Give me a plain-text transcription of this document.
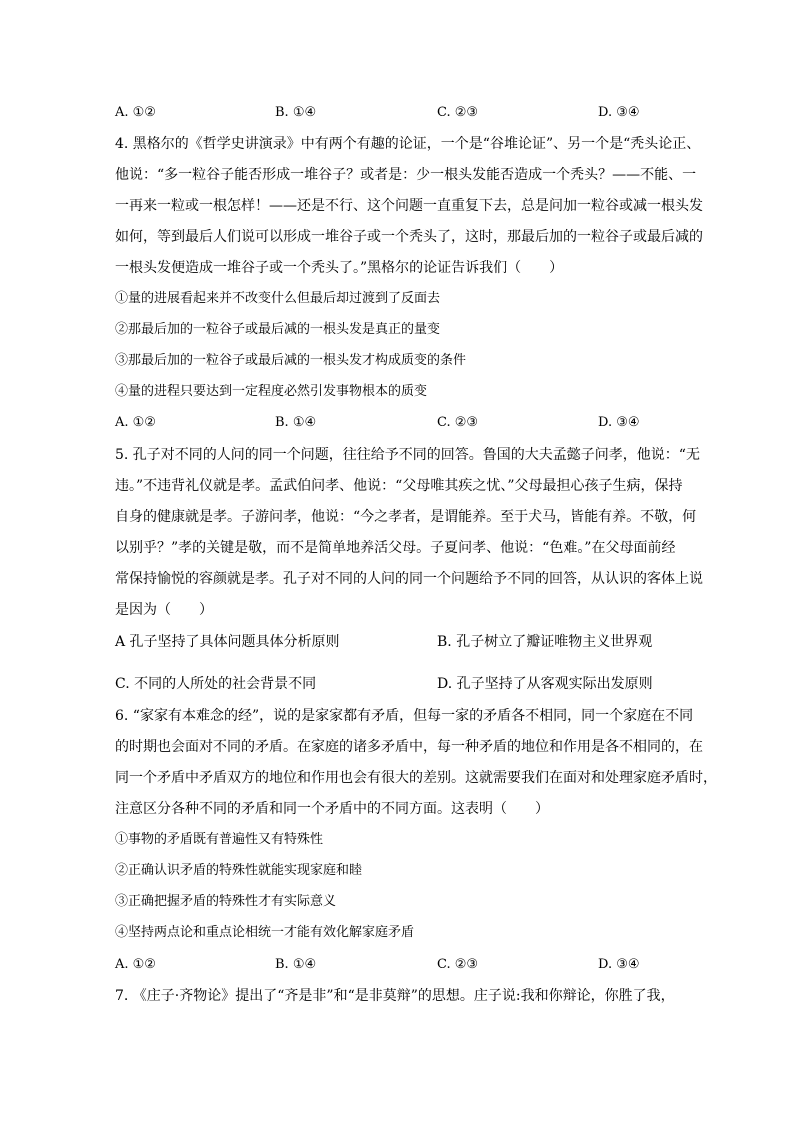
A. ①②	B. ①④	C. ②③	D. ③④
4. 黑格尔的《哲学史讲演录》中有两个有趣的论证，一个是“谷堆论证”、另一个是“秃头论正、
他说：“多一粒谷子能否形成一堆谷子？或者是：少一根头发能否造成一个秃头？——不能、一
一再来一粒或一根怎样！——还是不行、这个问题一直重复下去，总是问加一粒谷或减一根头发
如何，等到最后人们说可以形成一堆谷子或一个秃头了，这时，那最后加的一粒谷子或最后减的
一根头发便造成一堆谷子或一个秃头了。”黑格尔的论证告诉我们（　　）
①量的进展看起来并不改变什么但最后却过渡到了反面去
②那最后加的一粒谷子或最后减的一根头发是真正的量变
③那最后加的一粒谷子或最后减的一根头发才构成质变的条件
④量的进程只要达到一定程度必然引发事物根本的质变
A. ①②	B. ①④	C. ②③	D. ③④
5. 孔子对不同的人问的同一个问题，往往给予不同的回答。鲁国的大夫孟懿子问孝，他说：“无
违。”不违背礼仪就是孝。孟武伯问孝、他说：“父母唯其疾之忧、”父母最担心孩子生病，保持
自身的健康就是孝。子游问孝，他说：“今之孝者，是谓能养。至于犬马，皆能有养。不敬，何
以别乎？”孝的关键是敬，而不是简单地养活父母。子夏问孝、他说：“色难。”在父母面前经
常保持愉悦的容颜就是孝。孔子对不同的人问的同一个问题给予不同的回答，从认识的客体上说
是因为（　　）
A 孔子坚持了具体问题具体分析原则	B. 孔子树立了瓣证唯物主义世界观
C. 不同的人所处的社会背景不同	D. 孔子坚持了从客观实际出发原则
6. “家家有本难念的经”，说的是家家都有矛盾，但每一家的矛盾各不相同，同一个家庭在不同
的时期也会面对不同的矛盾。在家庭的诸多矛盾中，每一种矛盾的地位和作用是各不相同的，在
同一个矛盾中矛盾双方的地位和作用也会有很大的差别。这就需要我们在面对和处理家庭矛盾时，
注意区分各种不同的矛盾和同一个矛盾中的不同方面。这表明（　　）
①事物的矛盾既有普遍性又有特殊性
②正确认识矛盾的特殊性就能实现家庭和睦
③正确把握矛盾的特殊性才有实际意义
④坚持两点论和重点论相统一才能有效化解家庭矛盾
A. ①②	B. ①④	C. ②③	D. ③④
7. 《庄子·齐物论》提出了“齐是非”和“是非莫辩”的思想。庄子说:我和你辩论，你胜了我，
